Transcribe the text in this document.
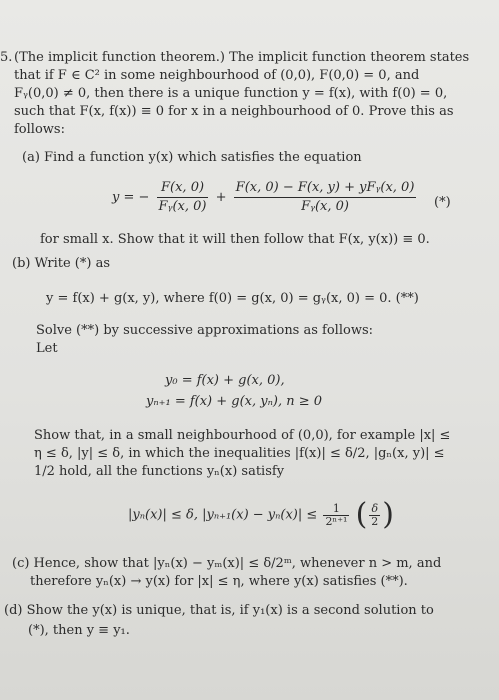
5. (The implicit function theorem.) The implicit function theorem states
that if F ∈ C² in some neighbourhood of (0,0), F(0,0) = 0, and
Fᵧ(0,0) ≠ 0, then there is a unique function y = f(x), with f(0) = 0,
such that F(x, f(x)) ≡ 0 for x in a neighbourhood of 0. Prove this as
follows:
(a) Find a function y(x) which satisfies the equation
y = − $\frac{F(x, 0)}{\text{Fᵧ(x, 0)}} + \frac{\text{F(x, 0) − F(x, y) + yFᵧ(x, 0)}}{\text{Fᵧ(x, 0)}}$ (*)
for small x. Show that it will then follow that F(x, y(x)) ≡ 0.
(b) Write (*) as
y = f(x) + g(x, y), where f(0) = g(x, 0) = gᵧ(x, 0) = 0. (**)
Solve (**) by successive approximations as follows:
Let
y₀ = f(x) + g(x, 0),
yₙ₊₁ = f(x) + g(x, yₙ), n ≥ 0
Show that, in a small neighbourhood of (0,0), for example |x| ≤
η ≤ δ, |y| ≤ δ, in which the inequalities |f(x)| ≤ δ/2, |gₙ(x, y)| ≤
1/2 hold, all the functions yₙ(x) satisfy
|yₙ(x)| ≤ δ, $|y_{n+1}(x) - y_n(x)| \le \frac{1}{\text{2ⁿ⁺¹}}$ ( $\frac{\delta}{2}$ )
(c) Hence, show that |yₙ(x) − yₘ(x)| ≤ δ/2ᵐ, whenever n > m, and
therefore yₙ(x) → y(x) for |x| ≤ η, where y(x) satisfies (**).
(d) Show the y(x) is unique, that is, if y₁(x) is a second solution to
(*), then y ≡ y₁.
